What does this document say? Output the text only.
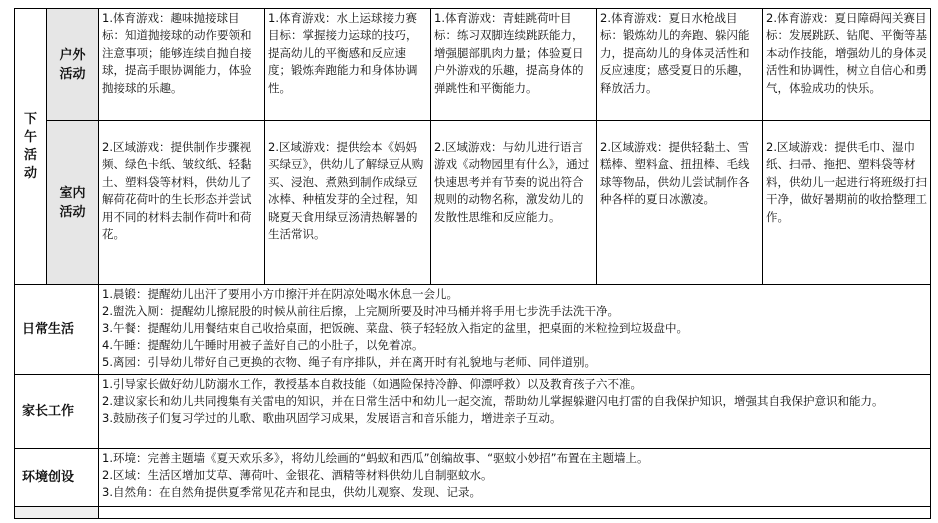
下午活动	户外活动	1.体育游戏：趣味抛接球目标：知道抛接球的动作要领和注意事项；能够连续自抛自接球，提高手眼协调能力，体验抛接球的乐趣。	1.体育游戏：水上运球接力赛目标：掌握接力运球的技巧，提高幼儿的平衡感和反应速度；锻炼奔跑能力和身体协调性。	1.体育游戏：青蛙跳荷叶目标：练习双脚连续跳跃能力，增强腿部肌肉力量；体验夏日户外游戏的乐趣，提高身体的弹跳性和平衡能力。	2.体育游戏：夏日水枪战目标：锻炼幼儿的奔跑、躲闪能力，提高幼儿的身体灵活性和反应速度；感受夏日的乐趣，释放活力。	2.体育游戏：夏日障碍闯关赛目标：发展跳跃、钻爬、平衡等基本动作技能，增强幼儿的身体灵活性和协调性，树立自信心和勇气，体验成功的快乐。
	室内活动	2.区域游戏：提供制作步骤视频、绿色卡纸、皱纹纸、轻黏土、塑料袋等材料，供幼儿了解荷花荷叶的生长形态并尝试用不同的材料去制作荷叶和荷花。	2.区域游戏：提供绘本《妈妈买绿豆》，供幼儿了解绿豆从购买、浸泡、煮熟到制作成绿豆冰棒、种植发芽的全过程，知晓夏天食用绿豆汤清热解暑的生活常识。	2.区域游戏：与幼儿进行语言游戏《动物园里有什么》，通过快速思考并有节奏的说出符合规则的动物名称，激发幼儿的发散性思维和反应能力。	2.区域游戏：提供轻黏土、雪糕棒、塑料盒、扭扭棒、毛线球等物品，供幼儿尝试制作各种各样的夏日冰激凌。	2.区域游戏：提供毛巾、湿巾纸、扫帚、拖把、塑料袋等材料，供幼儿一起进行将班级打扫干净，做好暑期前的收拾整理工作。

日常生活		1.晨锻：提醒幼儿出汗了要用小方巾擦汗并在阴凉处喝水休息一会儿。
2.盥洗入厕：提醒幼儿擦屁股的时候从前往后擦，上完厕所要及时冲马桶并将手用七步洗手法洗干净。
3.午餐：提醒幼儿用餐结束自己收拾桌面，把饭碗、菜盘、筷子轻轻放入指定的盆里，把桌面的米粒捡到垃圾盘中。
4.午睡：提醒幼儿午睡时用被子盖好自己的小肚子，以免着凉。
5.离园：引导幼儿带好自己更换的衣物、绳子有序排队，并在离开时有礼貌地与老师、同伴道别。				

家长工作		1.引导家长做好幼儿防溺水工作，教授基本自救技能（如遇险保持冷静、仰漂呼救）以及教育孩子六不准。
2.建议家长和幼儿共同搜集有关雷电的知识，并在日常生活中和幼儿一起交流，帮助幼儿掌握躲避闪电打雷的自我保护知识，增强其自我保护意识和能力。
3.鼓励孩子们复习学过的儿歌、歌曲巩固学习成果，发展语言和音乐能力，增进亲子互动。				

环境创设		1.环境：完善主题墙《夏天欢乐多》，将幼儿绘画的“蚂蚁和西瓜”创编故事、“驱蚊小妙招”布置在主题墙上。
2.区域：生活区增加艾草、薄荷叶、金银花、酒精等材料供幼儿自制驱蚊水。
3.自然角：在自然角提供夏季常见花卉和昆虫，供幼儿观察、发现、记录。				
